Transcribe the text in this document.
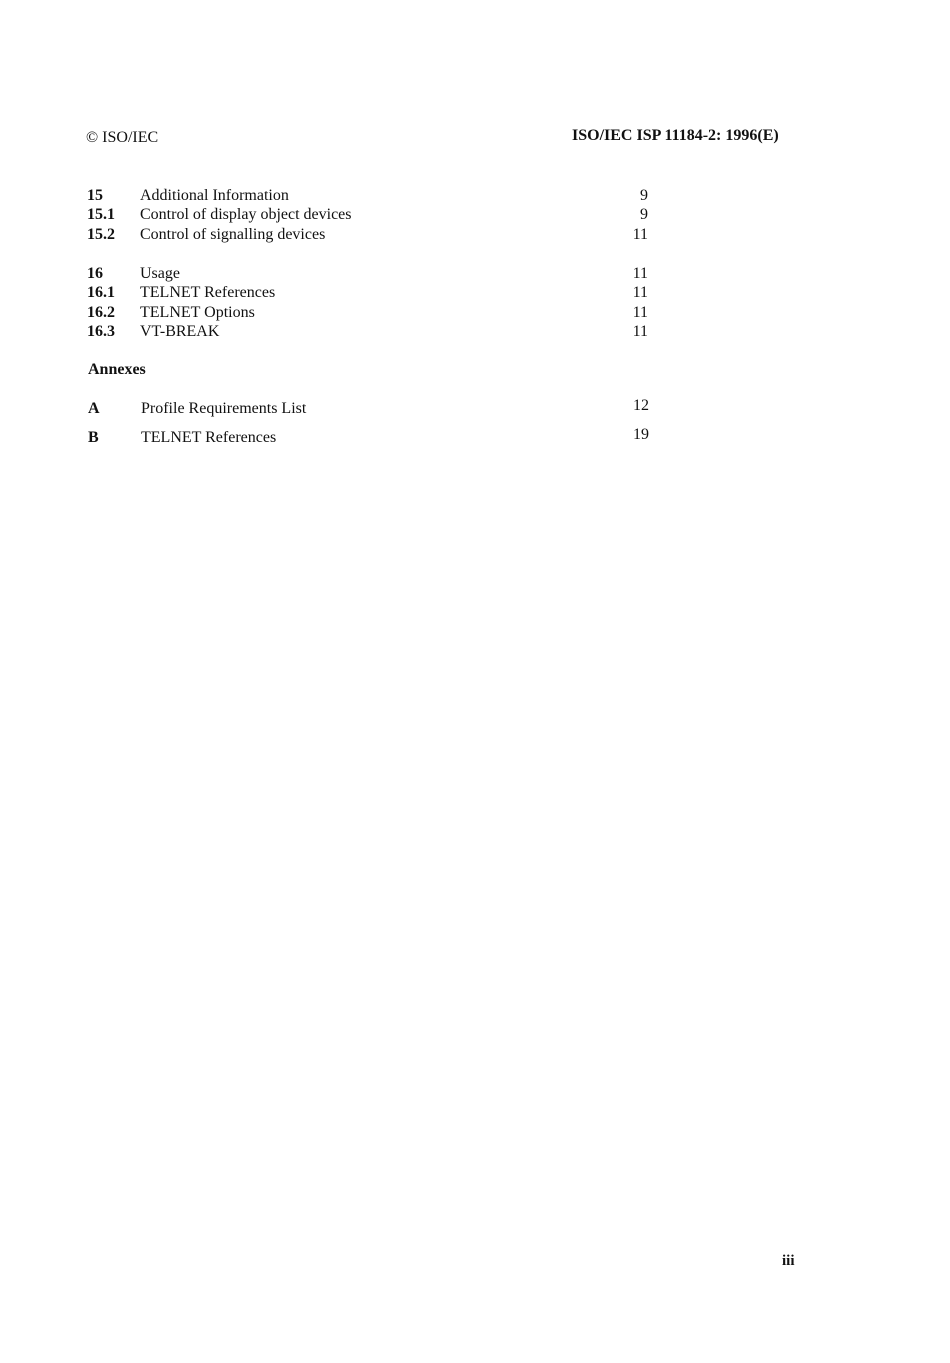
© ISO/IEC	ISO/IEC ISP 11184-2: 1996(E)
15 Additional Information	9
15.1 Control of display object devices	9
15.2 Control of signalling devices	11
16 Usage	11
16.1 TELNET References	11
16.2 TELNET Options	11
16.3 VT-BREAK	11
Annexes
A	Profile Requirements List	12
B	TELNET References	19
iii
